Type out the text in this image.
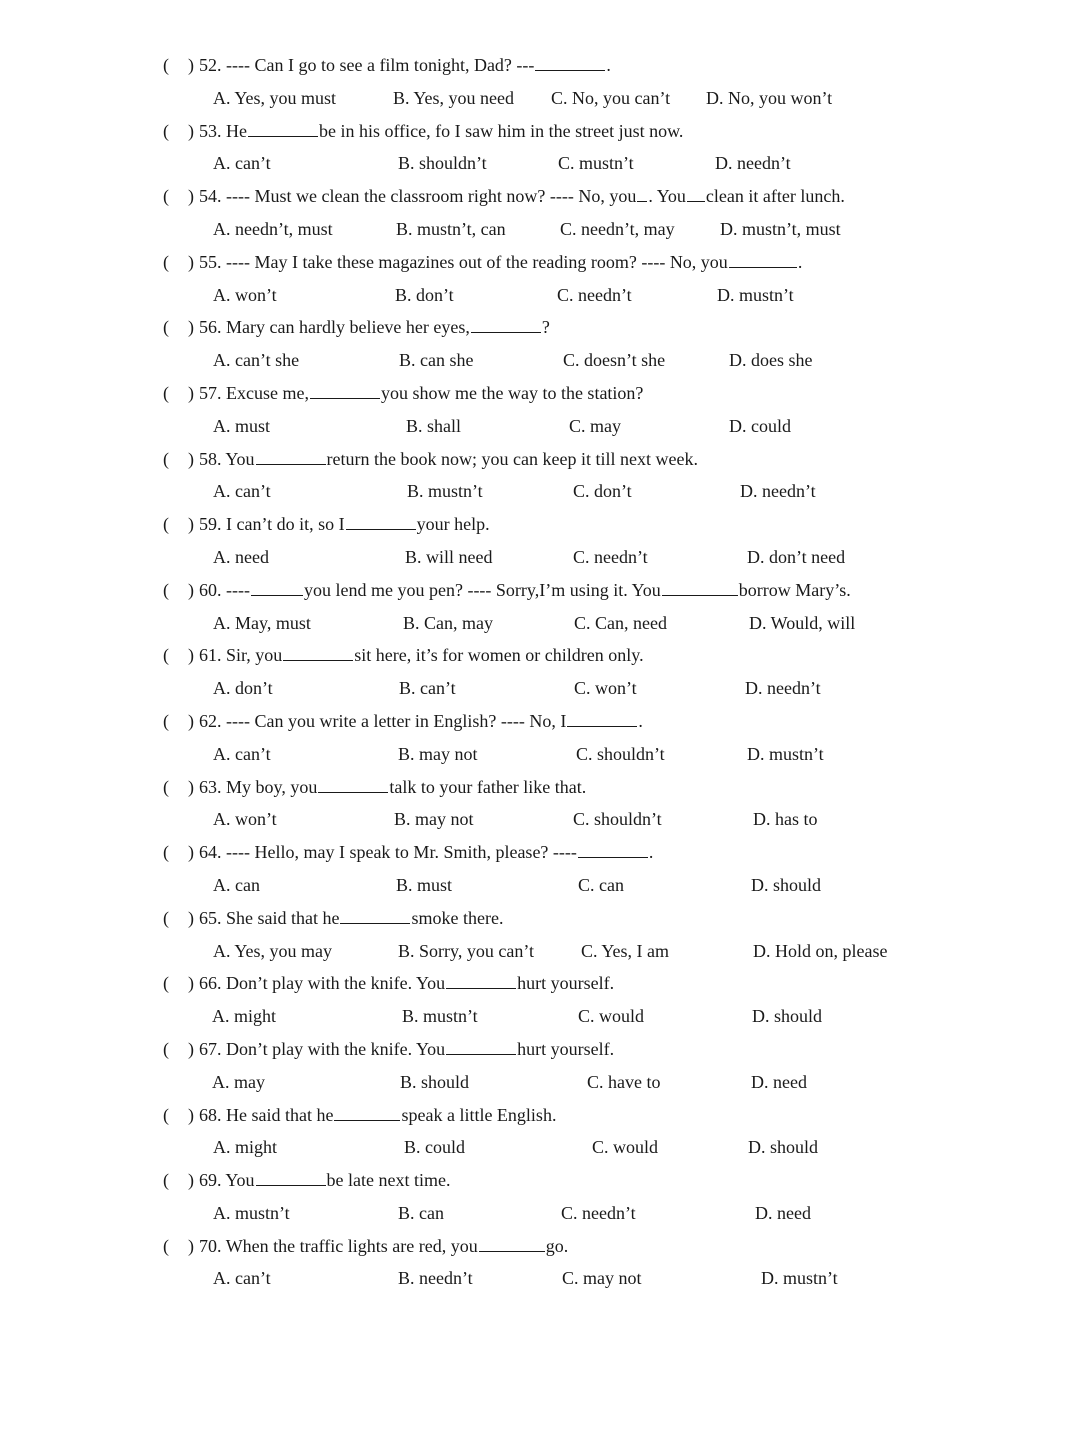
( ) 52. ---- Can I go to see a film tonight, Dad? ---	.
A. Yes, you must	B. Yes, you need C. No, you can’t D. No, you won’t
( ) 53. He	be in his office, fo I saw him in the street just now.
A. can’t	B. shouldn’t	C. mustn’t	D. needn’t
( ) 54. ---- Must we clean the classroom right now? ---- No, you . You clean it after lunch.
A. needn’t, must	B. mustn’t, can	C. needn’t, may	D. mustn’t, must
( ) 55. ---- May I take these magazines out of the reading room? ---- No, you	.
A. won’t	B. don’t	C. needn’t	D. mustn’t
( ) 56. Mary can hardly believe her eyes,	?
A. can’t she	B. can she	C. doesn’t she	D. does she
( ) 57. Excuse me,	you show me the way to the station?
A. must	B. shall	C. may	D. could
( ) 58. You	return the book now; you can keep it till next week.
A. can’t	B. mustn’t	C. don’t	D. needn’t
( ) 59. I can’t do it, so I	your help.
A. need	B. will need	C. needn’t	D. don’t need
( ) 60. ----	you lend me you pen? ---- Sorry,I’m using it. You	borrow Mary’s.
A. May, must	B. Can, may	C. Can, need	D. Would, will
( ) 61. Sir, you	sit here, it’s for women or children only.
A. don’t	B. can’t	C. won’t	D. needn’t
( ) 62. ---- Can you write a letter in English? ---- No, I	.
A. can’t	B. may not	C. shouldn’t	D. mustn’t
( ) 63. My boy, you	talk to your father like that.
A. won’t	B. may not	C. shouldn’t	D. has to
( ) 64. ---- Hello, may I speak to Mr. Smith, please? ----	.
A. can	B. must	C. can	D. should
( ) 65. She said that he	smoke there.
A. Yes, you may	B. Sorry, you can’t	C. Yes, I am	D. Hold on, please
( ) 66. Don’t play with the knife. You	hurt yourself.
A. might	B. mustn’t	C. would	D. should
( ) 67. Don’t play with the knife. You	hurt yourself.
A. may	B. should	C. have to	D. need
( ) 68. He said that he	speak a little English.
A. might	B. could	C. would	D. should
( ) 69. You	be late next time.
A. mustn’t	B. can	C. needn’t	D. need
( ) 70. When the traffic lights are red, you	go.
A. can’t	B. needn’t	C. may not	D. mustn’t
